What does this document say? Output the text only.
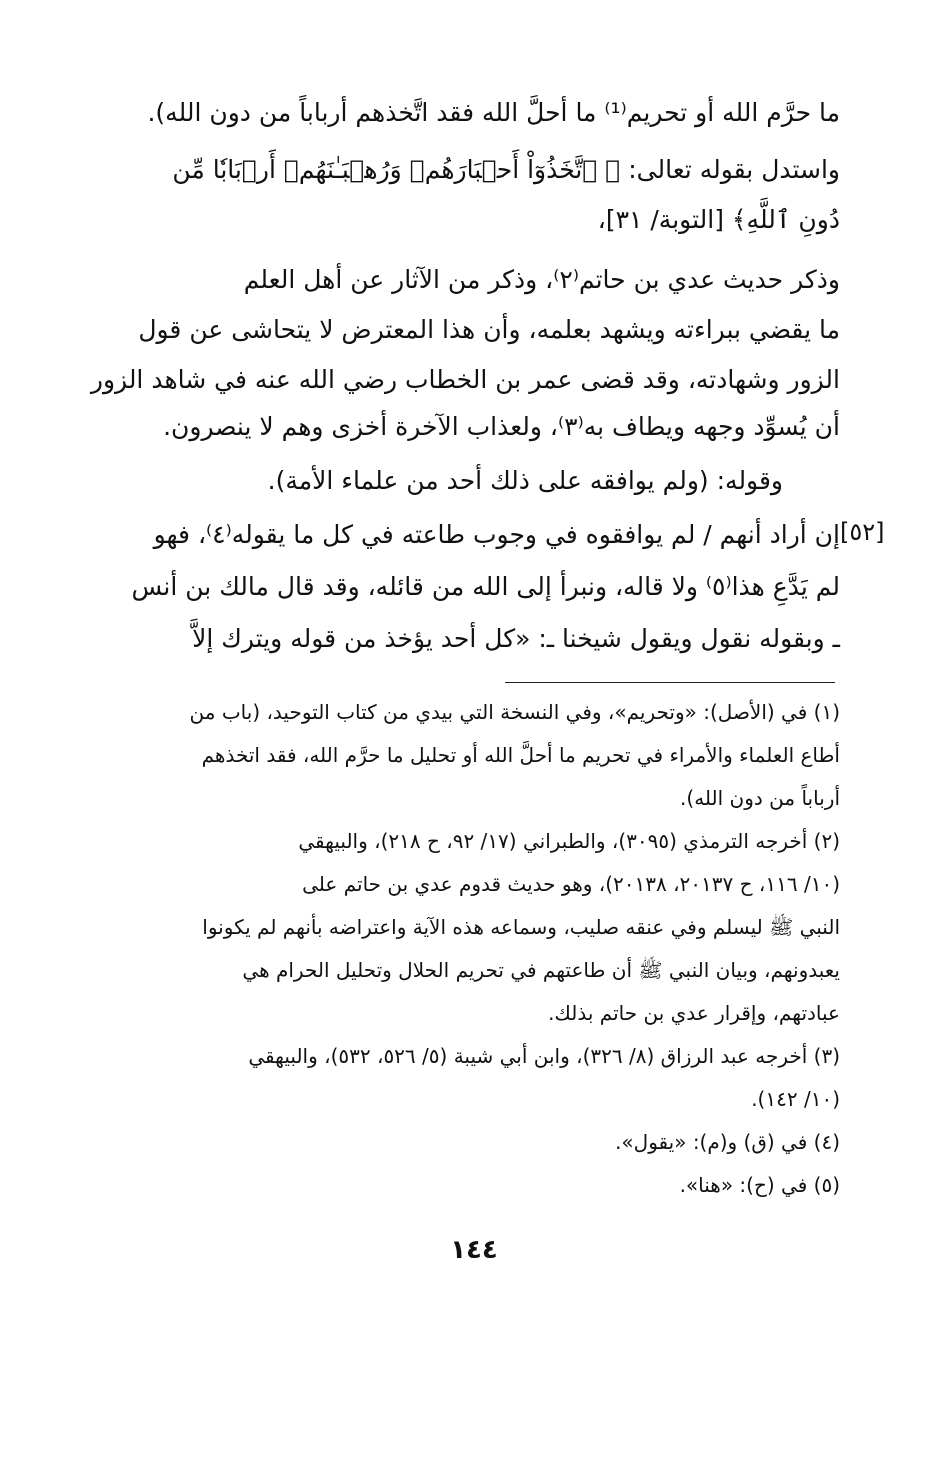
ما حرَّم الله أو تحريم⁽¹⁾ ما أحلَّ الله فقد اتَّخذهم أرباباً من دون الله).
واستدل بقوله تعالى: ﴿ ٱتَّخَذُوٓاْ أَحۡبَارَهُمۡ وَرُهۡبَـٰنَهُمۡ أَرۡبَابٗا مِّن
دُونِ ٱللَّهِ﴾ [التوبة/ ٣١]،
وذكر حديث عدي بن حاتم⁽٢⁾، وذكر من الآثار عن أهل العلم
ما يقضي ببراءته ويشهد بعلمه، وأن هذا المعترض لا يتحاشى عن قول
الزور وشهادته، وقد قضى عمر بن الخطاب رضي الله عنه في شاهد الزور
أن يُسوِّد وجهه ويطاف به⁽٣⁾، ولعذاب الآخرة أخزى وهم لا ينصرون.
وقوله: (ولم يوافقه على ذلك أحد من علماء الأمة).
إن أراد أنهم / لم يوافقوه في وجوب طاعته في كل ما يقوله⁽٤⁾، فهو
لم يَدَّعِ هذا⁽٥⁾ ولا قاله، ونبرأ إلى الله من قائله، وقد قال مالك بن أنس
ـ وبقوله نقول ويقول شيخنا ـ: «كل أحد يؤخذ من قوله ويترك إلاَّ
[٥٢]
(١) في (الأصل): «وتحريم»، وفي النسخة التي بيدي من كتاب التوحيد، (باب من
أطاع العلماء والأمراء في تحريم ما أحلَّ الله أو تحليل ما حرَّم الله، فقد اتخذهم
أرباباً من دون الله).
(٢) أخرجه الترمذي (٣٠٩٥)، والطبراني (١٧/ ٩٢، ح ٢١٨)، والبيهقي
(١٠/ ١١٦، ح ٢٠١٣٧، ٢٠١٣٨)، وهو حديث قدوم عدي بن حاتم على
النبي ﷺ ليسلم وفي عنقه صليب، وسماعه هذه الآية واعتراضه بأنهم لم يكونوا
يعبدونهم، وبيان النبي ﷺ أن طاعتهم في تحريم الحلال وتحليل الحرام هي
عبادتهم، وإقرار عدي بن حاتم بذلك.
(٣) أخرجه عبد الرزاق (٨/ ٣٢٦)، وابن أبي شيبة (٥/ ٥٢٦، ٥٣٢)، والبيهقي
(١٠/ ١٤٢).
(٤) في (ق) و(م): «يقول».
(٥) في (ح): «هنا».
١٤٤
